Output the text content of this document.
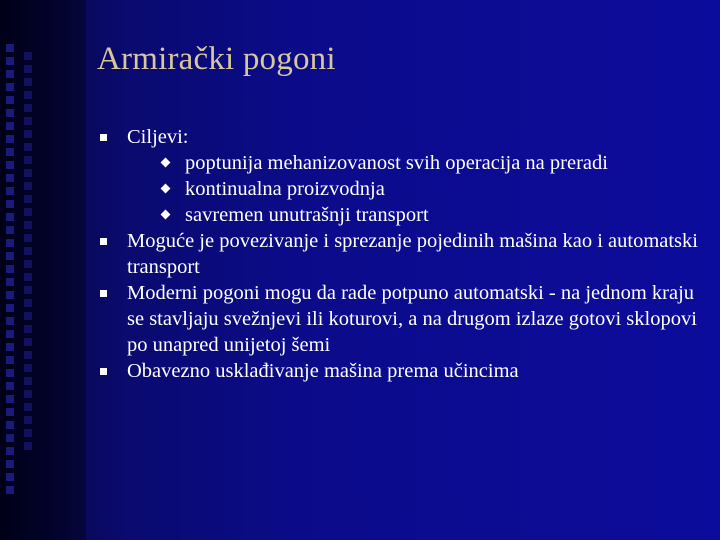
Armirački pogoni
Ciljevi:
poptunija mehanizovanost svih operacija na preradi
kontinualna proizvodnja
savremen unutrašnji transport
Moguće je povezivanje i sprezanje pojedinih mašina kao i automatski transport
Moderni pogoni mogu da rade potpuno automatski - na jednom kraju se stavljaju svežnjevi ili koturovi, a na drugom izlaze gotovi sklopovi po unapred unijetoj šemi
Obavezno usklađivanje mašina prema učincima
